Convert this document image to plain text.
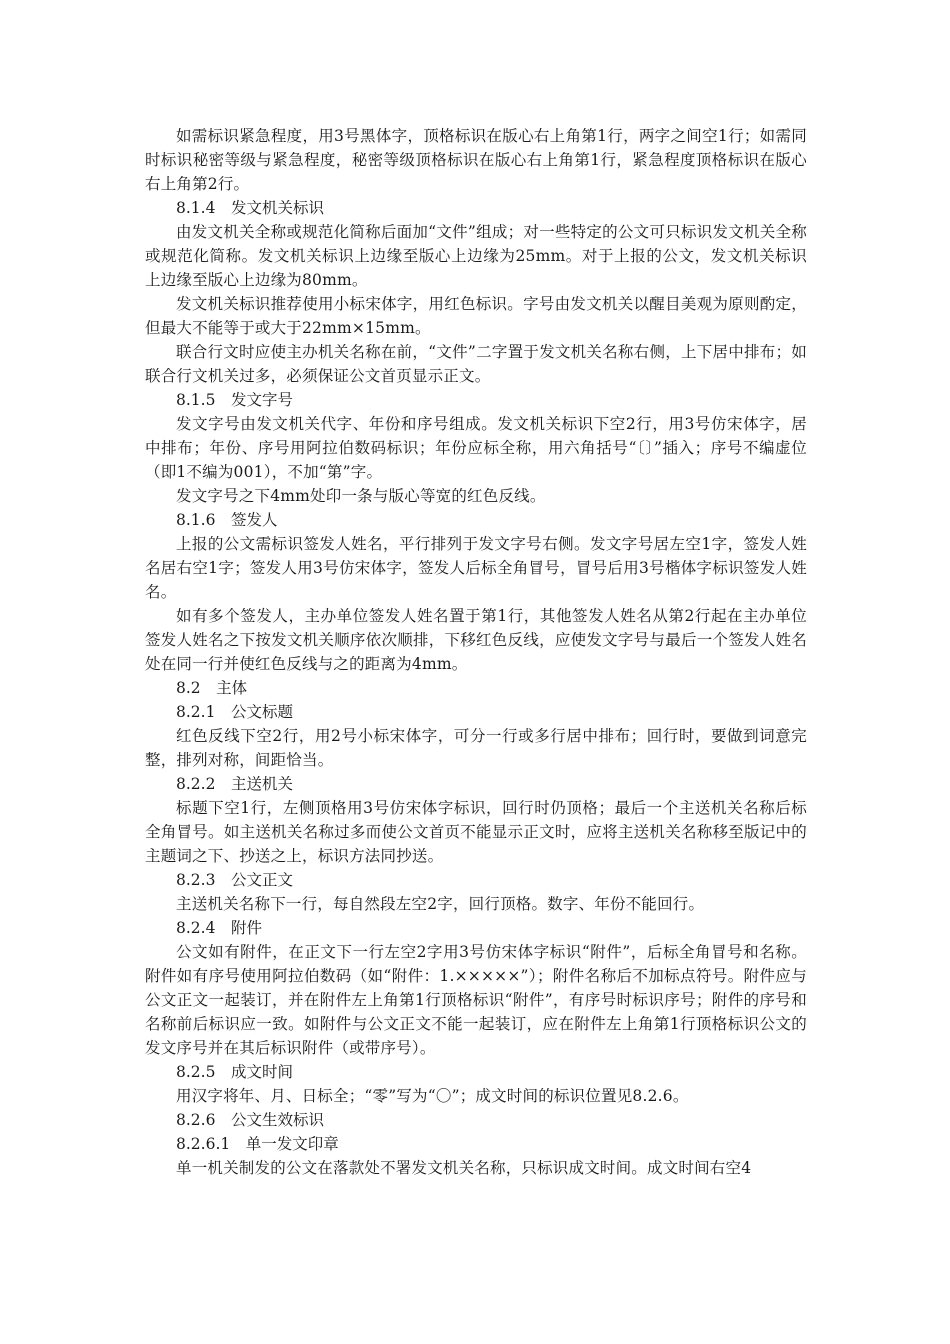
如需标识紧急程度，用3号黑体字，顶格标识在版心右上角第1行，两字之间空1行；如需同时标识秘密等级与紧急程度，秘密等级顶格标识在版心右上角第1行，紧急程度顶格标识在版心右上角第2行。

8.1.4　发文机关标识

由发文机关全称或规范化简称后面加“文件”组成；对一些特定的公文可只标识发文机关全称或规范化简称。发文机关标识上边缘至版心上边缘为25mm。对于上报的公文，发文机关标识上边缘至版心上边缘为80mm。

发文机关标识推荐使用小标宋体字，用红色标识。字号由发文机关以醒目美观为原则酌定，但最大不能等于或大于22mm×15mm。

联合行文时应使主办机关名称在前，“文件”二字置于发文机关名称右侧，上下居中排布；如联合行文机关过多，必须保证公文首页显示正文。

8.1.5　发文字号

发文字号由发文机关代字、年份和序号组成。发文机关标识下空2行，用3号仿宋体字，居中排布；年份、序号用阿拉伯数码标识；年份应标全称，用六角括号“〔〕”插入；序号不编虚位（即1不编为001），不加“第”字。

发文字号之下4mm处印一条与版心等宽的红色反线。

8.1.6　签发人

上报的公文需标识签发人姓名，平行排列于发文字号右侧。发文字号居左空1字，签发人姓名居右空1字；签发人用3号仿宋体字，签发人后标全角冒号，冒号后用3号楷体字标识签发人姓名。

如有多个签发人，主办单位签发人姓名置于第1行，其他签发人姓名从第2行起在主办单位签发人姓名之下按发文机关顺序依次顺排，下移红色反线，应使发文字号与最后一个签发人姓名处在同一行并使红色反线与之的距离为4mm。

8.2　主体

8.2.1　公文标题

红色反线下空2行，用2号小标宋体字，可分一行或多行居中排布；回行时，要做到词意完整，排列对称，间距恰当。

8.2.2　主送机关

标题下空1行，左侧顶格用3号仿宋体字标识，回行时仍顶格；最后一个主送机关名称后标全角冒号。如主送机关名称过多而使公文首页不能显示正文时，应将主送机关名称移至版记中的主题词之下、抄送之上，标识方法同抄送。

8.2.3　公文正文

主送机关名称下一行，每自然段左空2字，回行顶格。数字、年份不能回行。

8.2.4　附件

公文如有附件，在正文下一行左空2字用3号仿宋体字标识“附件”，后标全角冒号和名称。附件如有序号使用阿拉伯数码（如“附件：1.×××××”）；附件名称后不加标点符号。附件应与公文正文一起装订，并在附件左上角第1行顶格标识“附件”，有序号时标识序号；附件的序号和名称前后标识应一致。如附件与公文正文不能一起装订，应在附件左上角第1行顶格标识公文的发文序号并在其后标识附件（或带序号）。

8.2.5　成文时间

用汉字将年、月、日标全；“零”写为“〇”；成文时间的标识位置见8.2.6。

8.2.6　公文生效标识

8.2.6.1　单一发文印章

单一机关制发的公文在落款处不署发文机关名称，只标识成文时间。成文时间右空4
